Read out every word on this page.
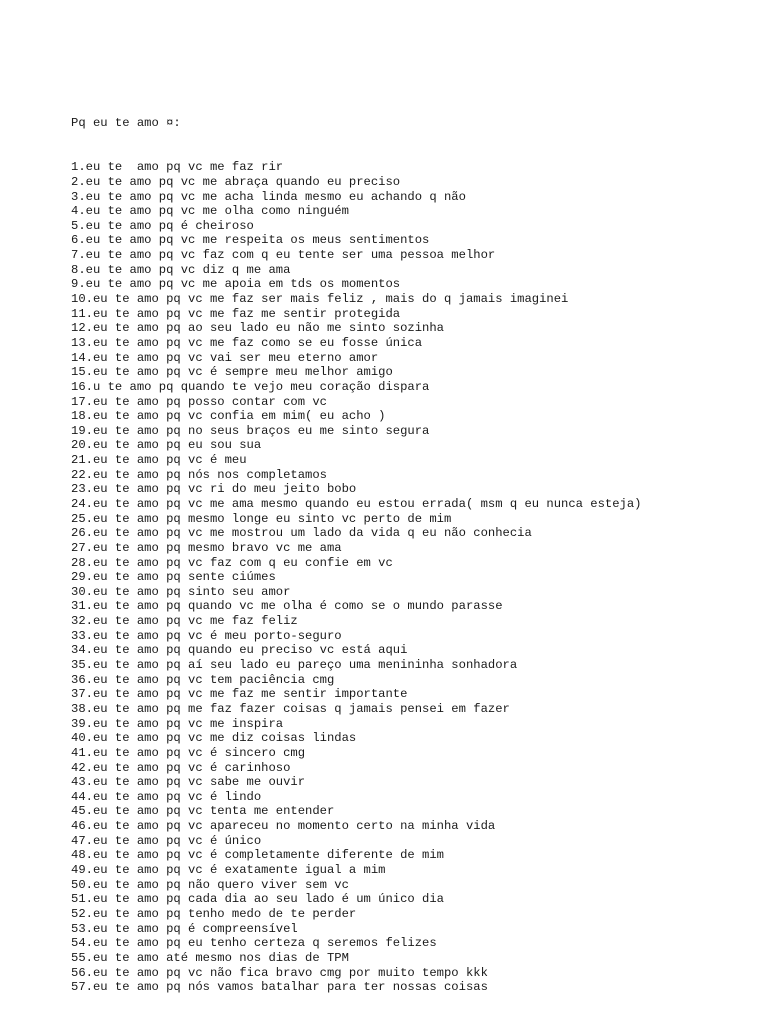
Pq eu te amo ¤:

1.eu te  amo pq vc me faz rir
2.eu te amo pq vc me abraça quando eu preciso
3.eu te amo pq vc me acha linda mesmo eu achando q não
4.eu te amo pq vc me olha como ninguém
5.eu te amo pq é cheiroso
6.eu te amo pq vc me respeita os meus sentimentos
7.eu te amo pq vc faz com q eu tente ser uma pessoa melhor
8.eu te amo pq vc diz q me ama
9.eu te amo pq vc me apoia em tds os momentos
10.eu te amo pq vc me faz ser mais feliz , mais do q jamais imaginei
11.eu te amo pq vc me faz me sentir protegida
12.eu te amo pq ao seu lado eu não me sinto sozinha
13.eu te amo pq vc me faz como se eu fosse única
14.eu te amo pq vc vai ser meu eterno amor
15.eu te amo pq vc é sempre meu melhor amigo
16.u te amo pq quando te vejo meu coração dispara
17.eu te amo pq posso contar com vc
18.eu te amo pq vc confia em mim( eu acho )
19.eu te amo pq no seus braços eu me sinto segura
20.eu te amo pq eu sou sua
21.eu te amo pq vc é meu
22.eu te amo pq nós nos completamos
23.eu te amo pq vc ri do meu jeito bobo
24.eu te amo pq vc me ama mesmo quando eu estou errada( msm q eu nunca esteja)
25.eu te amo pq mesmo longe eu sinto vc perto de mim
26.eu te amo pq vc me mostrou um lado da vida q eu não conhecia
27.eu te amo pq mesmo bravo vc me ama
28.eu te amo pq vc faz com q eu confie em vc
29.eu te amo pq sente ciúmes
30.eu te amo pq sinto seu amor
31.eu te amo pq quando vc me olha é como se o mundo parasse
32.eu te amo pq vc me faz feliz
33.eu te amo pq vc é meu porto-seguro
34.eu te amo pq quando eu preciso vc está aqui
35.eu te amo pq aí seu lado eu pareço uma menininha sonhadora
36.eu te amo pq vc tem paciência cmg
37.eu te amo pq vc me faz me sentir importante
38.eu te amo pq me faz fazer coisas q jamais pensei em fazer
39.eu te amo pq vc me inspira
40.eu te amo pq vc me diz coisas lindas
41.eu te amo pq vc é sincero cmg
42.eu te amo pq vc é carinhoso
43.eu te amo pq vc sabe me ouvir
44.eu te amo pq vc é lindo
45.eu te amo pq vc tenta me entender
46.eu te amo pq vc apareceu no momento certo na minha vida
47.eu te amo pq vc é único
48.eu te amo pq vc é completamente diferente de mim
49.eu te amo pq vc é exatamente igual a mim
50.eu te amo pq não quero viver sem vc
51.eu te amo pq cada dia ao seu lado é um único dia
52.eu te amo pq tenho medo de te perder
53.eu te amo pq é compreensível
54.eu te amo pq eu tenho certeza q seremos felizes
55.eu te amo até mesmo nos dias de TPM
56.eu te amo pq vc não fica bravo cmg por muito tempo kkk
57.eu te amo pq nós vamos batalhar para ter nossas coisas
